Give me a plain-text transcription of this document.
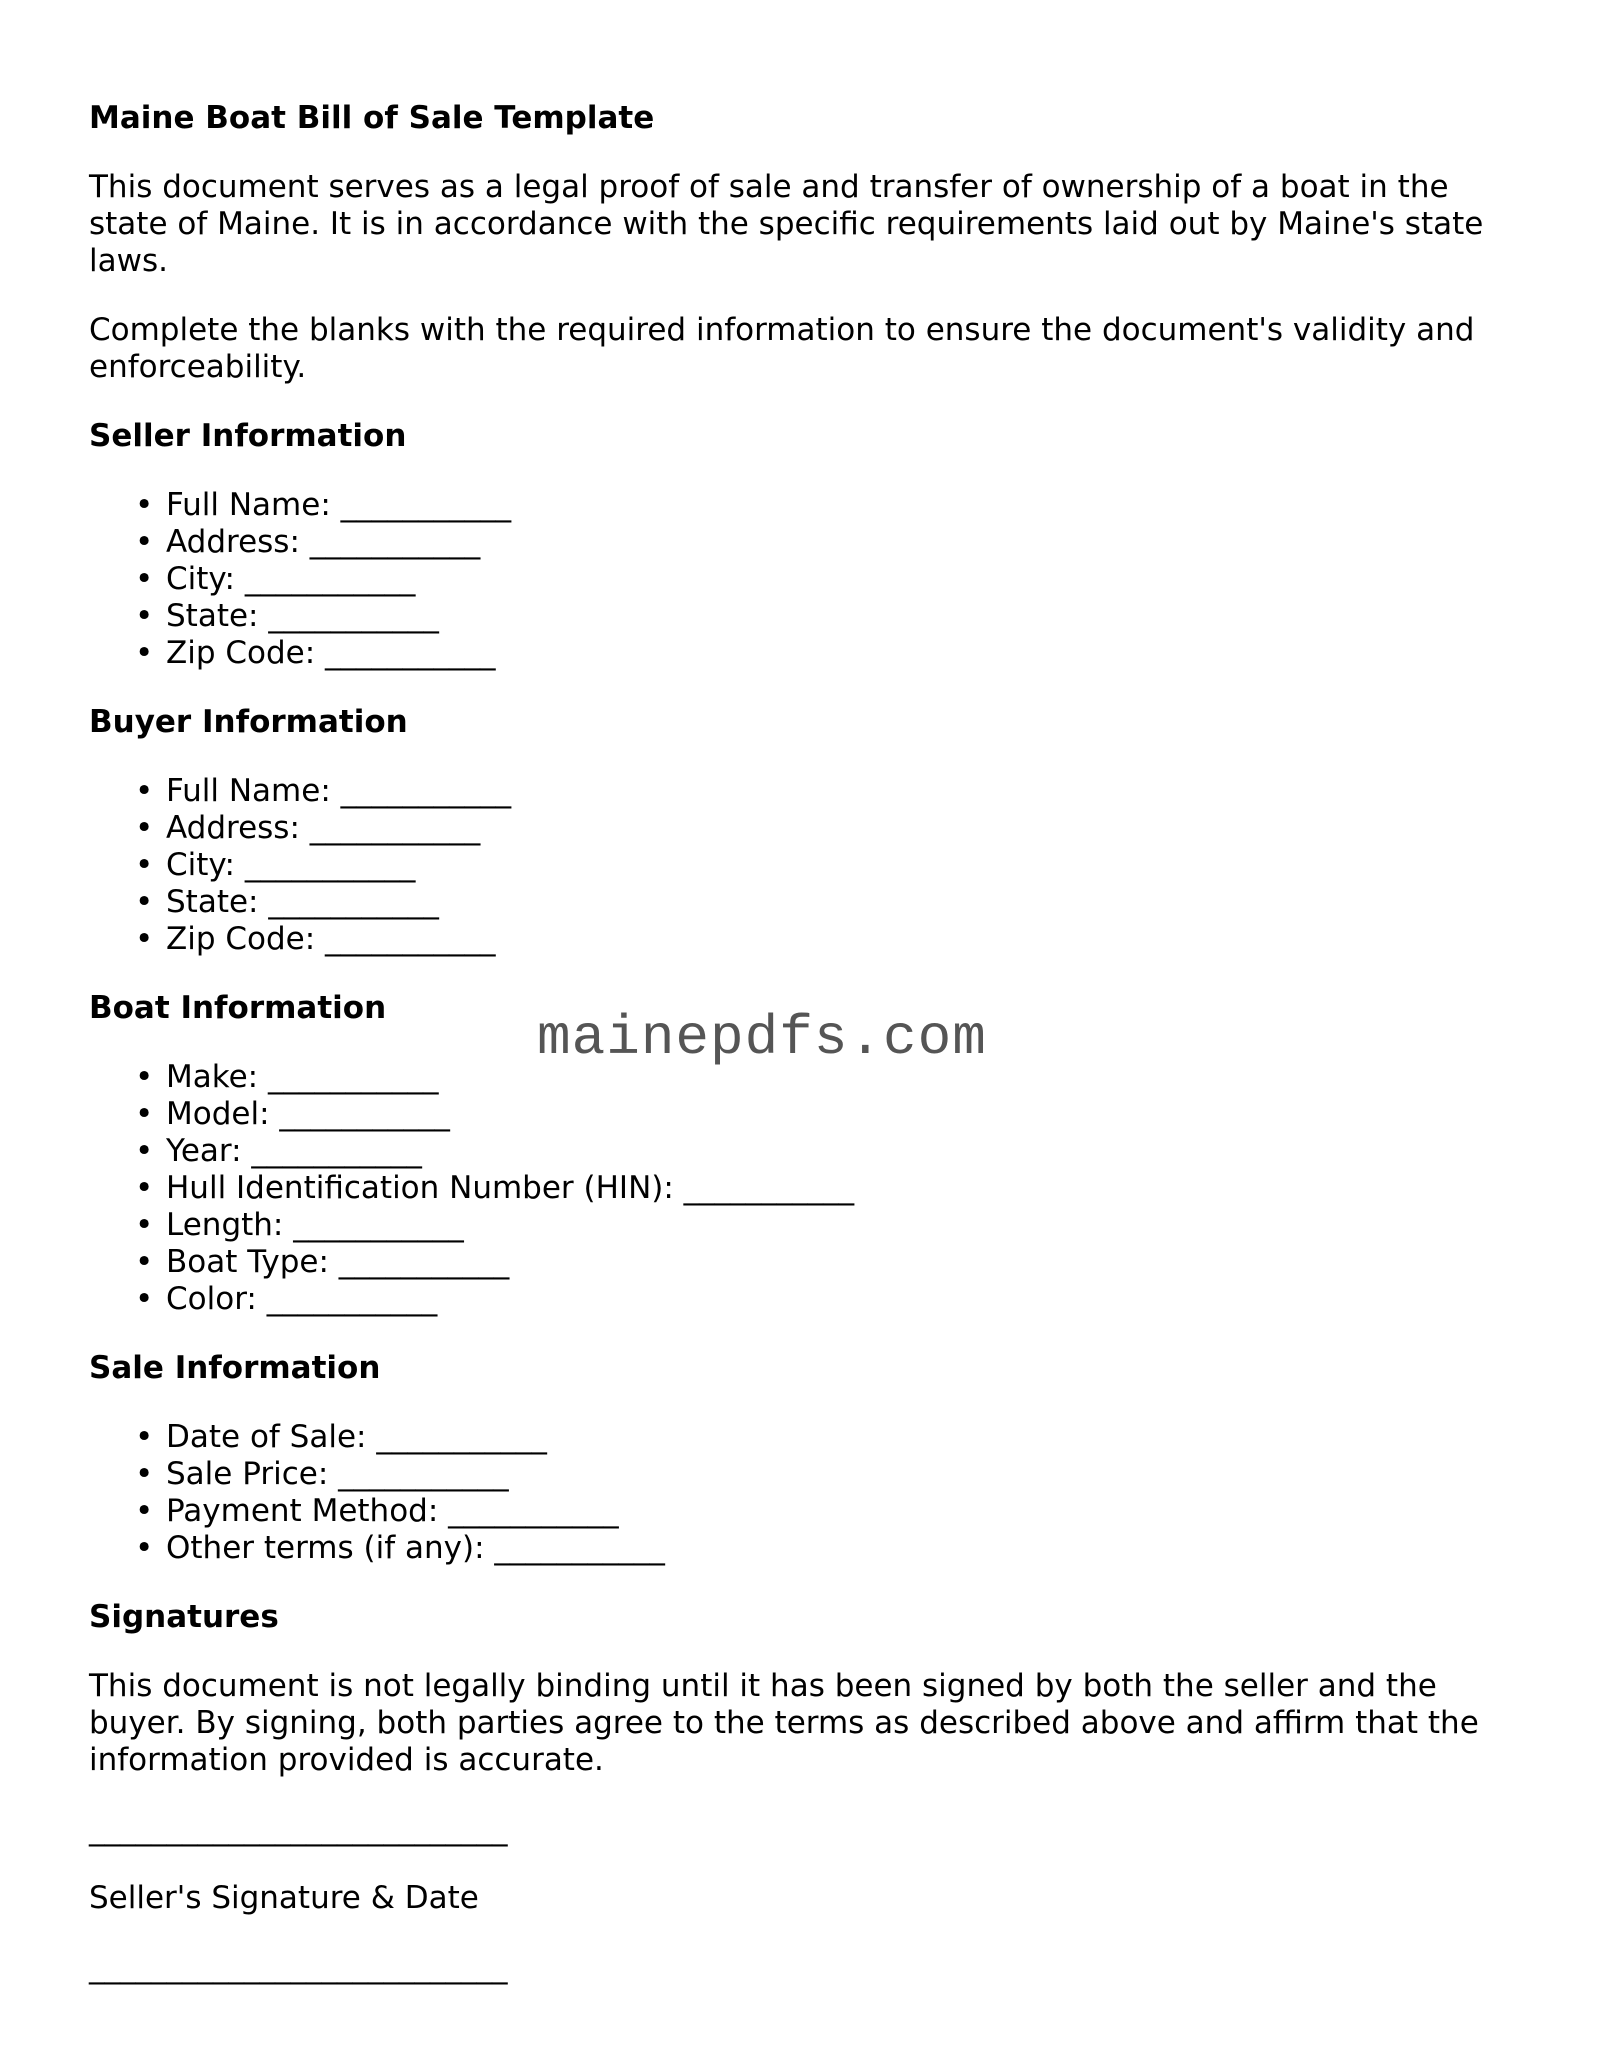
Maine Boat Bill of Sale Template

This document serves as a legal proof of sale and transfer of ownership of a boat in the state of Maine. It is in accordance with the specific requirements laid out by Maine's state laws.

Complete the blanks with the required information to ensure the document's validity and enforceability.

Seller Information
• Full Name: ___________
• Address: ___________
• City: ___________
• State: ___________
• Zip Code: ___________
Buyer Information
• Full Name: ___________
• Address: ___________
• City: ___________
• State: ___________
• Zip Code: ___________
Boat Information
• Make: ___________
• Model: ___________
• Year: ___________
• Hull Identification Number (HIN): ___________
• Length: ___________
• Boat Type: ___________
• Color: ___________
Sale Information
• Date of Sale: ___________
• Sale Price: ___________
• Payment Method: ___________
• Other terms (if any): ___________
Signatures

This document is not legally binding until it has been signed by both the seller and the buyer. By signing, both parties agree to the terms as described above and affirm that the information provided is accurate.

___________________________

Seller's Signature & Date

___________________________
mainepdfs.com
